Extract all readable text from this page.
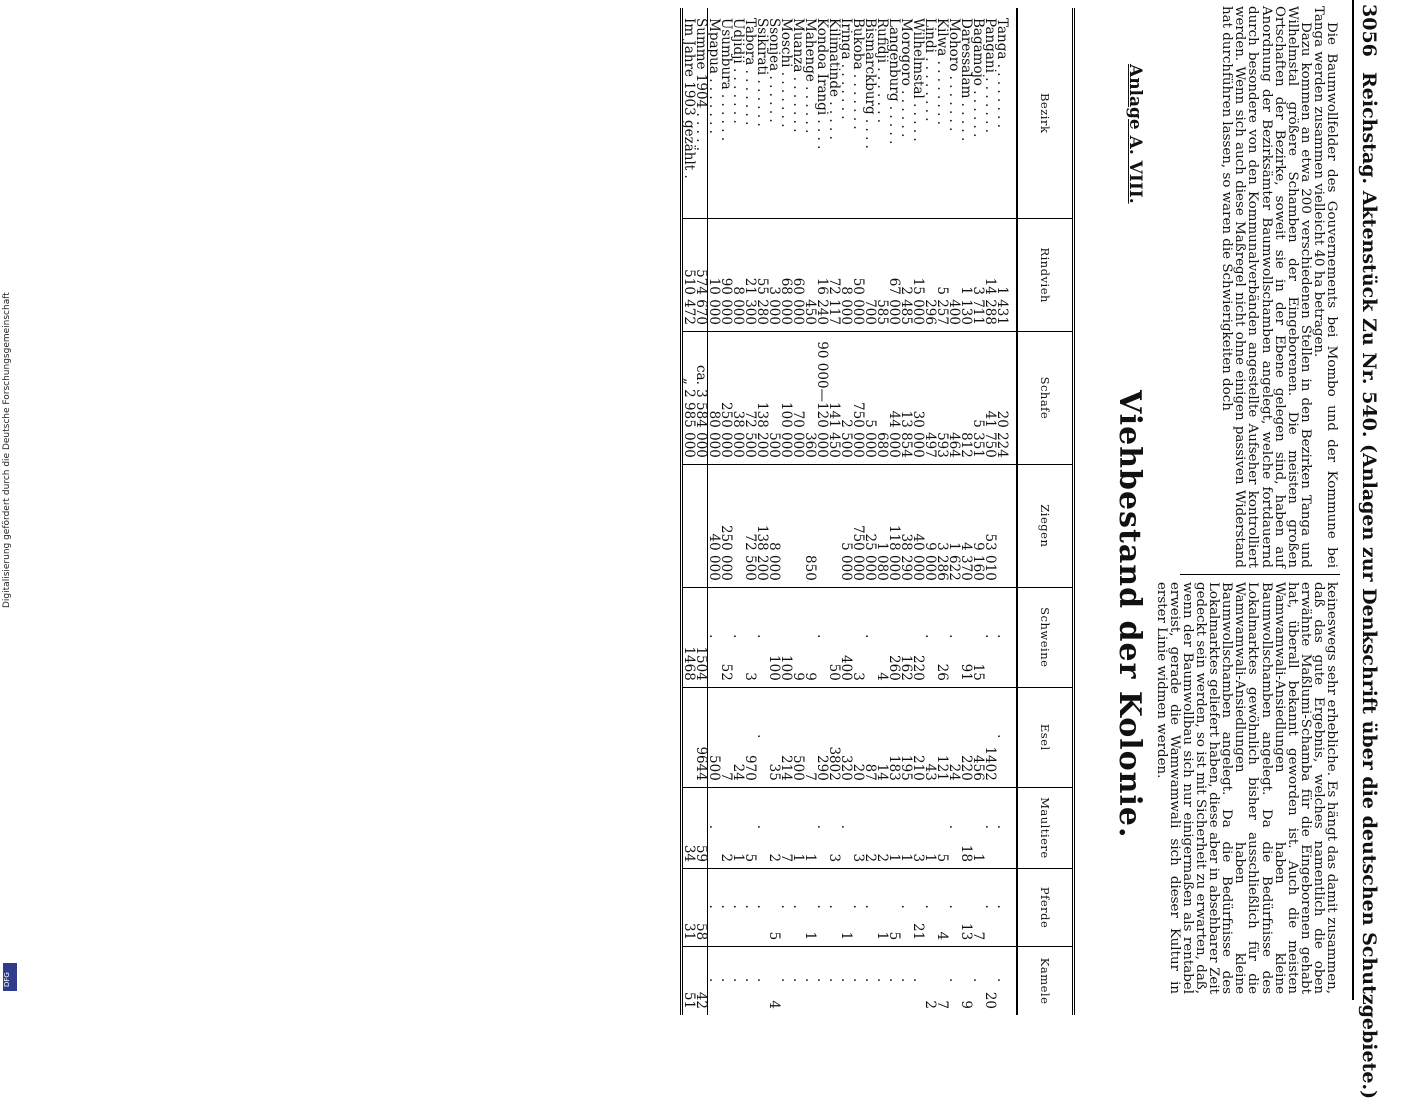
3056
Reichstag. Aktenstück Zu Nr. 540. (Anlagen zur Denkschrift über die deutschen Schutzgebiete.)

Die Baumwollfelder des Gouvernements bei Mombo und der Kommune bei Tanga werden zusammen vielleicht 40 ha betragen.

Dazu kommen an etwa 200 verschiedenen Stellen in den Bezirken Tanga und Wilhelmstal größere Schamben der Eingeborenen. Die meisten großen Ortschaften der Bezirke, soweit sie in der Ebene gelegen sind, haben auf Anordnung der Bezirksämter Baumwollschamben angelegt, welche fortdauernd durch besondere von den Kommunalverbänden angestellte Aufseher kontrolliert werden. Wenn sich auch diese Maßregel nicht ohne einigen passiven Widerstand hat durchführen lassen, so waren die Schwierigkeiten doch

keineswegs sehr erhebliche. Es hängt das damit zusammen, daß das gute Ergebnis, welches namentlich die oben erwähnte Maßlumi-Schamba für die Eingeborenen gehabt hat, überall bekannt geworden ist. Auch die meisten Wamwamwali-Ansiedlungen haben kleine Baumwollschamben angelegt. Da die Bedürfnisse des Lokalmarktes gewöhnlich bisher ausschließlich für die Wamwamwali-Ansiedlungen haben kleine Baumwollschamben angelegt. Da die Bedürfnisse des Lokalmarktes geliefert haben, diese aber in absehbarer Zeit gedeckt sein werden, so ist mit Sicherheit zu erwarten, daß, wenn der Baumwollbau sich nur einigermaßen als rentabel erweist, gerade die Wamwamwali sich dieser Kultur in erster Linie widmen werden.

Anlage A. VIII.
Viehbestand der Kolonie.
Bezirk	Rindvieh	Schafe	Ziegen	Schweine	Esel	Maultiere	Pferde	Kamele

Tanga . . . . . . . .	1 431	20 224		.	.	.	.	.
Pangani . . . . . . .	14 288	41 750	53 010	.	1402	.	.	20
Bagamojo . . . . . .	3 711	5 351	9 160	15	456	1	7	.
Daressalam . . . . .	1 130	812	4 370	91	220	18	13	9
Mohoro . . . . . . .	400	464	1 622	.	24	.	.	.
Kilwa . . . . . . . .	5 257	593	3 286	26	121	5	4	7
Lindi . . . . . . . .	296	497	9 000	.	43	1	.	2
Wilhelmstal . . . . .	15 000	30 000	40 000	220	210	3	21	.
Morogoro . . . . . .	2 485	13 854	38 290	162	195	1	.	.
Langenburg . . . . .	67 000	44 000	118 000	260	183	1	5	.
Rufidji . . . . . . .	585	680	1 080	4	14	2	1	.
Bismarckburg . . . .	700	5 000	25 000	.	87	2	.	.
Bukoba . . . . . . .	50 000	750 000	750 000	3	20	3	.	.
Iringa . . . . . . .	8 000	2 500	5 000	400	320	.	1	.
Kilimatinde . . . . .	72 117	141 450		50	3802	3	.	.
Kondoa Irangi . . . .	16 240	90 000—120 000		.	290	.	.	.
Mahenge . . . . . .	450	360	850	9	7	1	1	.
Muanza . . . . . . .	60 000	70 000		9	500	1	.	.
Moschi . . . . . . .	68 000	100 000		100	214	7	.	.
Ssonjea . . . . . .	3 000	500	8 000	100	35	2	5	4
Ssikirati . . . . . .	55 280	138 200	138 200	.	.	.	.	.
Tabora . . . . . . .	21 300	72 500	72 500	3	970	5	.	.
Udjidji . . . . . . .	8 000	38 000		.	24	1	.	.
Usumbura . . . . . .	90 000	250 000	250 000	52	7	2	.	.
Mpapua . . . . . . .	10 000	80 000	40 000	.	500	.	.	.
Summe 1904 . . . . .	574 670	ca. 3 584 000		1504	9644	59	58	42
Im Jahre 1903 gezählt .	510 472	„ 2 985 000		1468		34	31	51
Digitalisierung gefördert durch die Deutsche Forschungsgemeinschaft
DFG
